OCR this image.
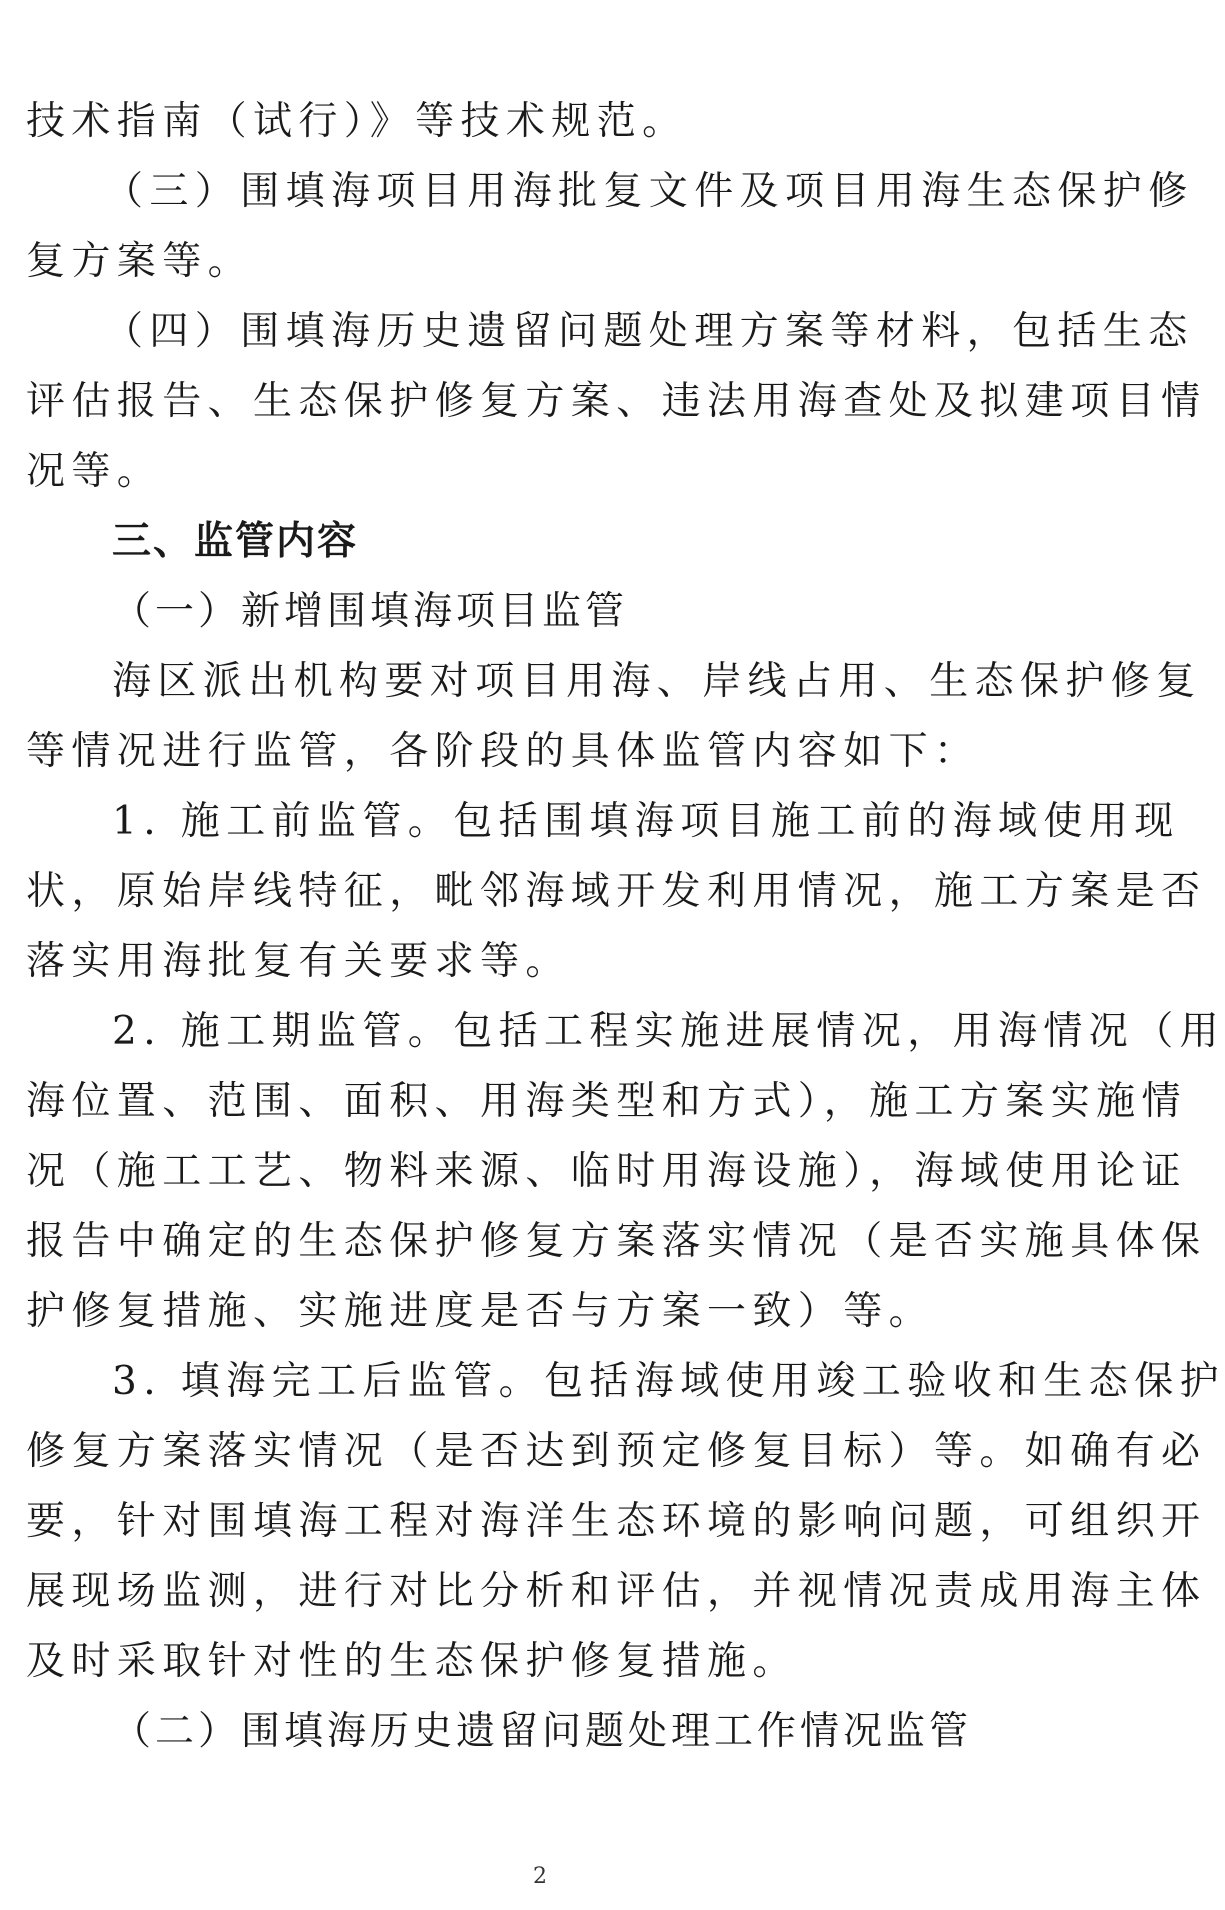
技术指南（试行）》等技术规范。
（三）围填海项目用海批复文件及项目用海生态保护修
复方案等。
（四）围填海历史遗留问题处理方案等材料，包括生态
评估报告、生态保护修复方案、违法用海查处及拟建项目情
况等。
三、监管内容
（一）新增围填海项目监管
海区派出机构要对项目用海、岸线占用、生态保护修复
等情况进行监管，各阶段的具体监管内容如下：
1. 施工前监管。包括围填海项目施工前的海域使用现
状，原始岸线特征，毗邻海域开发利用情况，施工方案是否
落实用海批复有关要求等。
2. 施工期监管。包括工程实施进展情况，用海情况（用
海位置、范围、面积、用海类型和方式），施工方案实施情
况（施工工艺、物料来源、临时用海设施），海域使用论证
报告中确定的生态保护修复方案落实情况（是否实施具体保
护修复措施、实施进度是否与方案一致）等。
3. 填海完工后监管。包括海域使用竣工验收和生态保护
修复方案落实情况（是否达到预定修复目标）等。如确有必
要，针对围填海工程对海洋生态环境的影响问题，可组织开
展现场监测，进行对比分析和评估，并视情况责成用海主体
及时采取针对性的生态保护修复措施。
（二）围填海历史遗留问题处理工作情况监管
2
